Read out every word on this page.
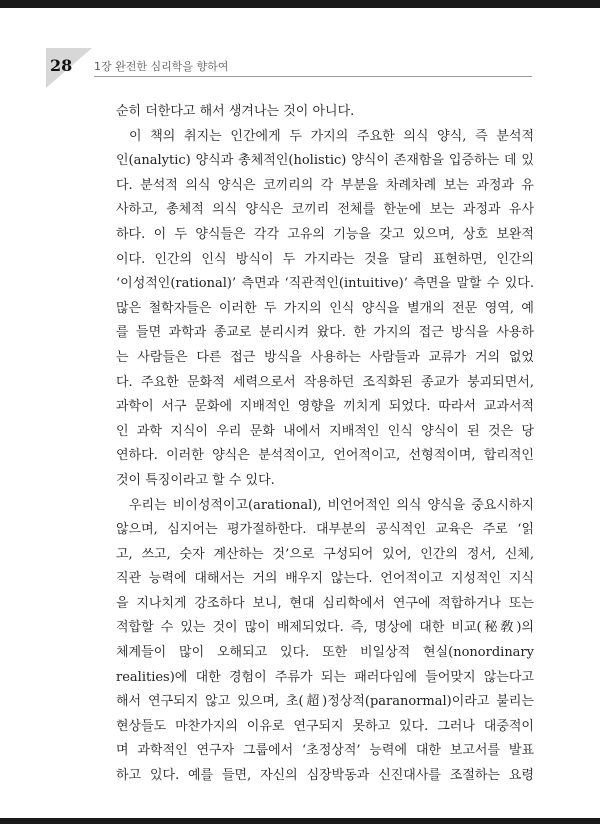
28 1장 완전한 심리학을 향하여
순히 더한다고 해서 생겨나는 것이 아니다.
이 책의 취지는 인간에게 두 가지의 주요한 의식 양식, 즉 분석적
인(analytic) 양식과 총체적인(holistic) 양식이 존재함을 입증하는 데 있
다. 분석적 의식 양식은 코끼리의 각 부분을 차례차례 보는 과정과 유
사하고, 총체적 의식 양식은 코끼리 전체를 한눈에 보는 과정과 유사
하다. 이 두 양식들은 각각 고유의 기능을 갖고 있으며, 상호 보완적
이다. 인간의 인식 방식이 두 가지라는 것을 달리 표현하면, 인간의
‘이성적인(rational)’ 측면과 ‘직관적인(intuitive)’ 측면을 말할 수 있다.
많은 철학자들은 이러한 두 가지의 인식 양식을 별개의 전문 영역, 예
를 들면 과학과 종교로 분리시켜 왔다. 한 가지의 접근 방식을 사용하
는 사람들은 다른 접근 방식을 사용하는 사람들과 교류가 거의 없었
다. 주요한 문화적 세력으로서 작용하던 조직화된 종교가 붕괴되면서,
과학이 서구 문화에 지배적인 영향을 끼치게 되었다. 따라서 교과서적
인 과학 지식이 우리 문화 내에서 지배적인 인식 양식이 된 것은 당
연하다. 이러한 양식은 분석적이고, 언어적이고, 선형적이며, 합리적인
것이 특징이라고 할 수 있다.
우리는 비이성적이고(arational), 비언어적인 의식 양식을 중요시하지
않으며, 심지어는 평가절하한다. 대부분의 공식적인 교육은 주로 ‘읽
고, 쓰고, 숫자 계산하는 것’으로 구성되어 있어, 인간의 정서, 신체,
직관 능력에 대해서는 거의 배우지 않는다. 언어적이고 지성적인 지식
을 지나치게 강조하다 보니, 현대 심리학에서 연구에 적합하거나 또는
적합할 수 있는 것이 많이 배제되었다. 즉, 명상에 대한 비교(秘敎)의
체계들이 많이 오해되고 있다. 또한 비일상적 현실(nonordinary
realities)에 대한 경험이 주류가 되는 패러다임에 들어맞지 않는다고
해서 연구되지 않고 있으며, 초(超)정상적(paranormal)이라고 불리는
현상들도 마찬가지의 이유로 연구되지 못하고 있다. 그러나 대중적이
며 과학적인 연구자 그룹에서 ‘초정상적’ 능력에 대한 보고서를 발표
하고 있다. 예를 들면, 자신의 심장박동과 신진대사를 조절하는 요령
